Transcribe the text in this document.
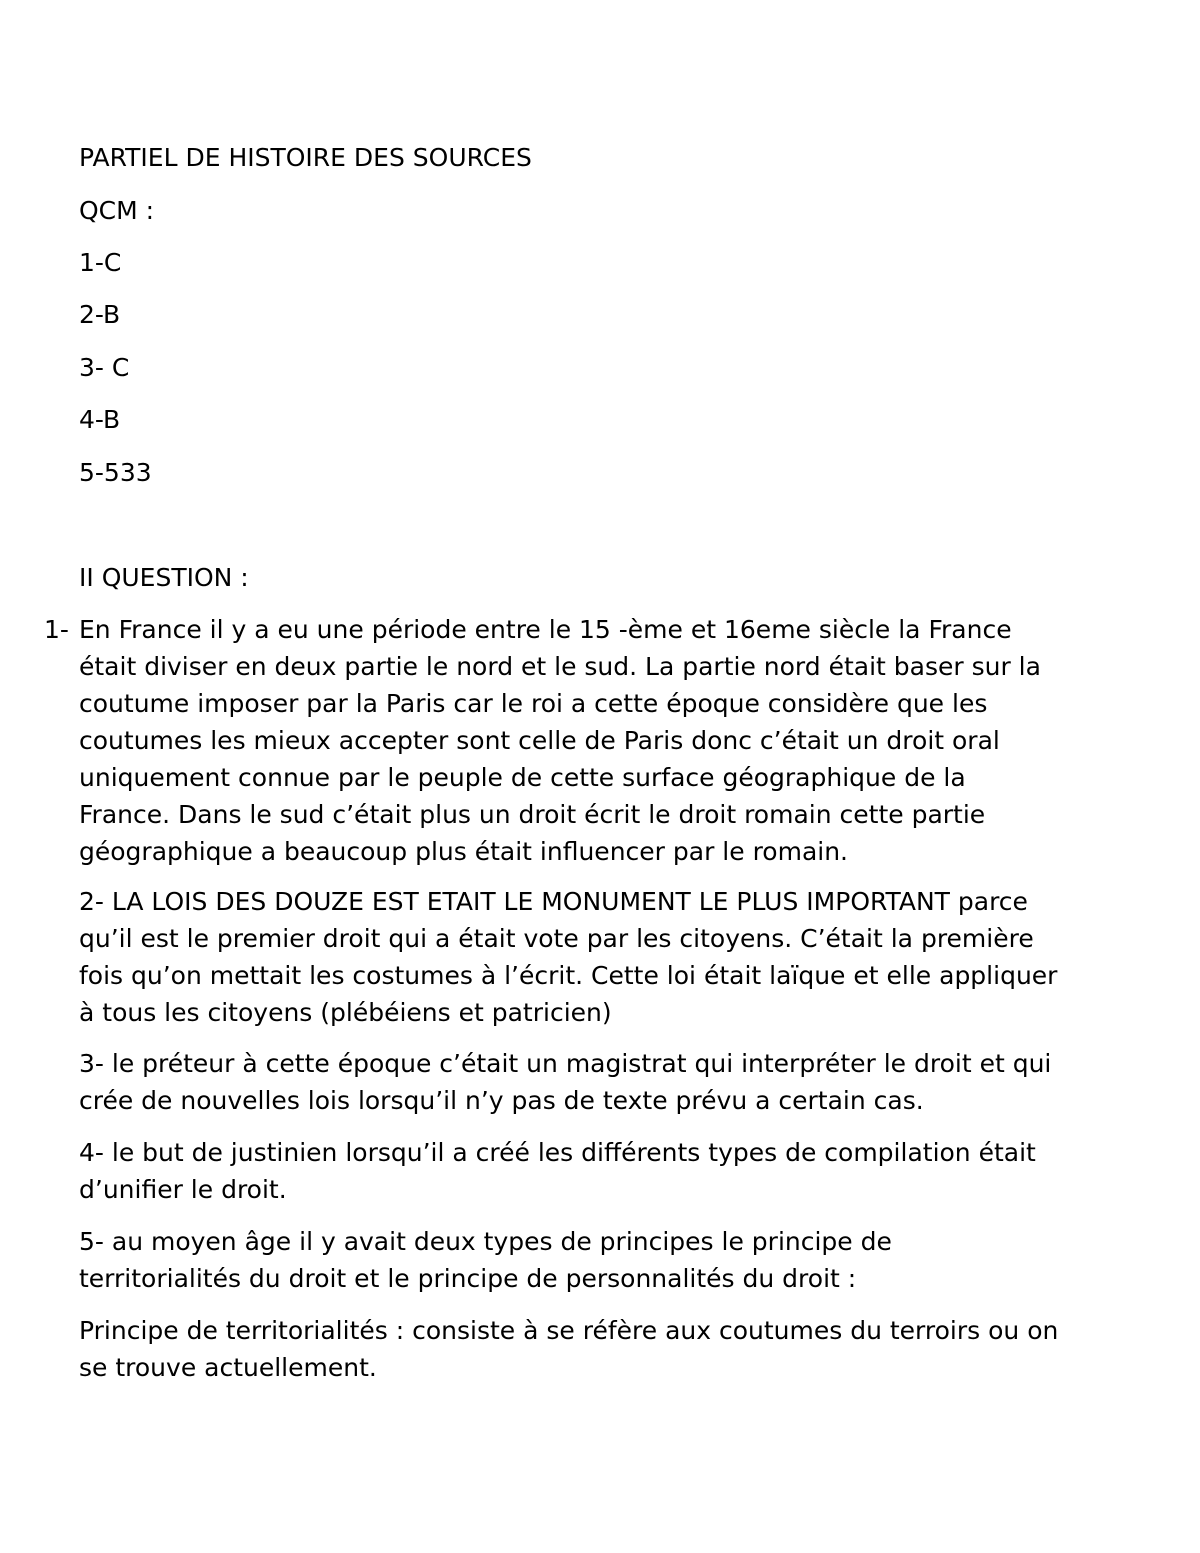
PARTIEL DE HISTOIRE DES SOURCES
QCM :
1-C
2-B
3- C
4-B
5-533
II QUESTION :
1- En France il y a eu une période entre le 15 -ème et 16eme siècle la France
était diviser en deux partie le nord et le sud. La partie nord était baser sur la
coutume imposer par la Paris car le roi a cette époque considère que les
coutumes les mieux accepter sont celle de Paris donc c’était un droit oral
uniquement connue par le peuple de cette surface géographique de la
France. Dans le sud c’était plus un droit écrit le droit romain cette partie
géographique a beaucoup plus était influencer par le romain.
2- LA LOIS DES DOUZE EST ETAIT LE MONUMENT LE PLUS IMPORTANT parce
qu’il est le premier droit qui a était vote par les citoyens. C’était la première
fois qu’on mettait les costumes à l’écrit. Cette loi était laïque et elle appliquer
à tous les citoyens (plébéiens et patricien)
3- le préteur à cette époque c’était un magistrat qui interpréter le droit et qui
crée de nouvelles lois lorsqu’il n’y pas de texte prévu a certain cas.
4- le but de justinien lorsqu’il a créé les différents types de compilation était
d’unifier le droit.
5- au moyen âge il y avait deux types de principes le principe de
territorialités du droit et le principe de personnalités du droit :
Principe de territorialités : consiste à se réfère aux coutumes du terroirs ou on
se trouve actuellement.
